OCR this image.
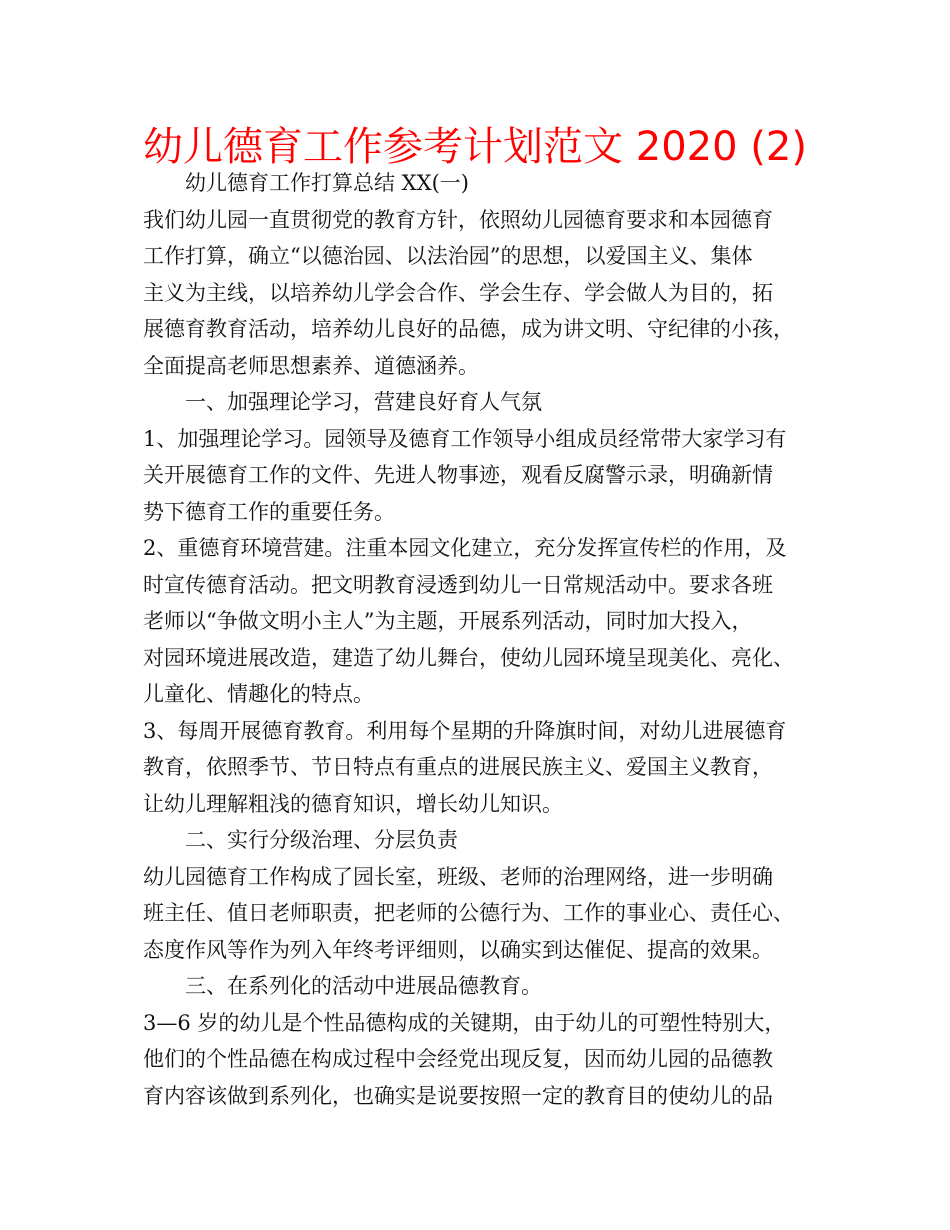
幼儿德育工作参考计划范文 2020 (2)
幼儿德育工作打算总结 XX(一)
我们幼儿园一直贯彻党的教育方针，依照幼儿园德育要求和本园德育
工作打算，确立“以德治园、以法治园”的思想，以爱国主义、集体
主义为主线，以培养幼儿学会合作、学会生存、学会做人为目的，拓
展德育教育活动，培养幼儿良好的品德，成为讲文明、守纪律的小孩，
全面提高老师思想素养、道德涵养。
一、加强理论学习，营建良好育人气氛
1、加强理论学习。园领导及德育工作领导小组成员经常带大家学习有
关开展德育工作的文件、先进人物事迹，观看反腐警示录，明确新情
势下德育工作的重要任务。
2、重德育环境营建。注重本园文化建立，充分发挥宣传栏的作用，及
时宣传德育活动。把文明教育浸透到幼儿一日常规活动中。要求各班
老师以“争做文明小主人”为主题，开展系列活动，同时加大投入，
对园环境进展改造，建造了幼儿舞台，使幼儿园环境呈现美化、亮化、
儿童化、情趣化的特点。
3、每周开展德育教育。利用每个星期的升降旗时间，对幼儿进展德育
教育，依照季节、节日特点有重点的进展民族主义、爱国主义教育，
让幼儿理解粗浅的德育知识，增长幼儿知识。
二、实行分级治理、分层负责
幼儿园德育工作构成了园长室，班级、老师的治理网络，进一步明确
班主任、值日老师职责，把老师的公德行为、工作的事业心、责任心、
态度作风等作为列入年终考评细则，以确实到达催促、提高的效果。
三、在系列化的活动中进展品德教育。
3—6 岁的幼儿是个性品德构成的关键期，由于幼儿的可塑性特别大，
他们的个性品德在构成过程中会经党出现反复，因而幼儿园的品德教
育内容该做到系列化，也确实是说要按照一定的教育目的使幼儿的品
